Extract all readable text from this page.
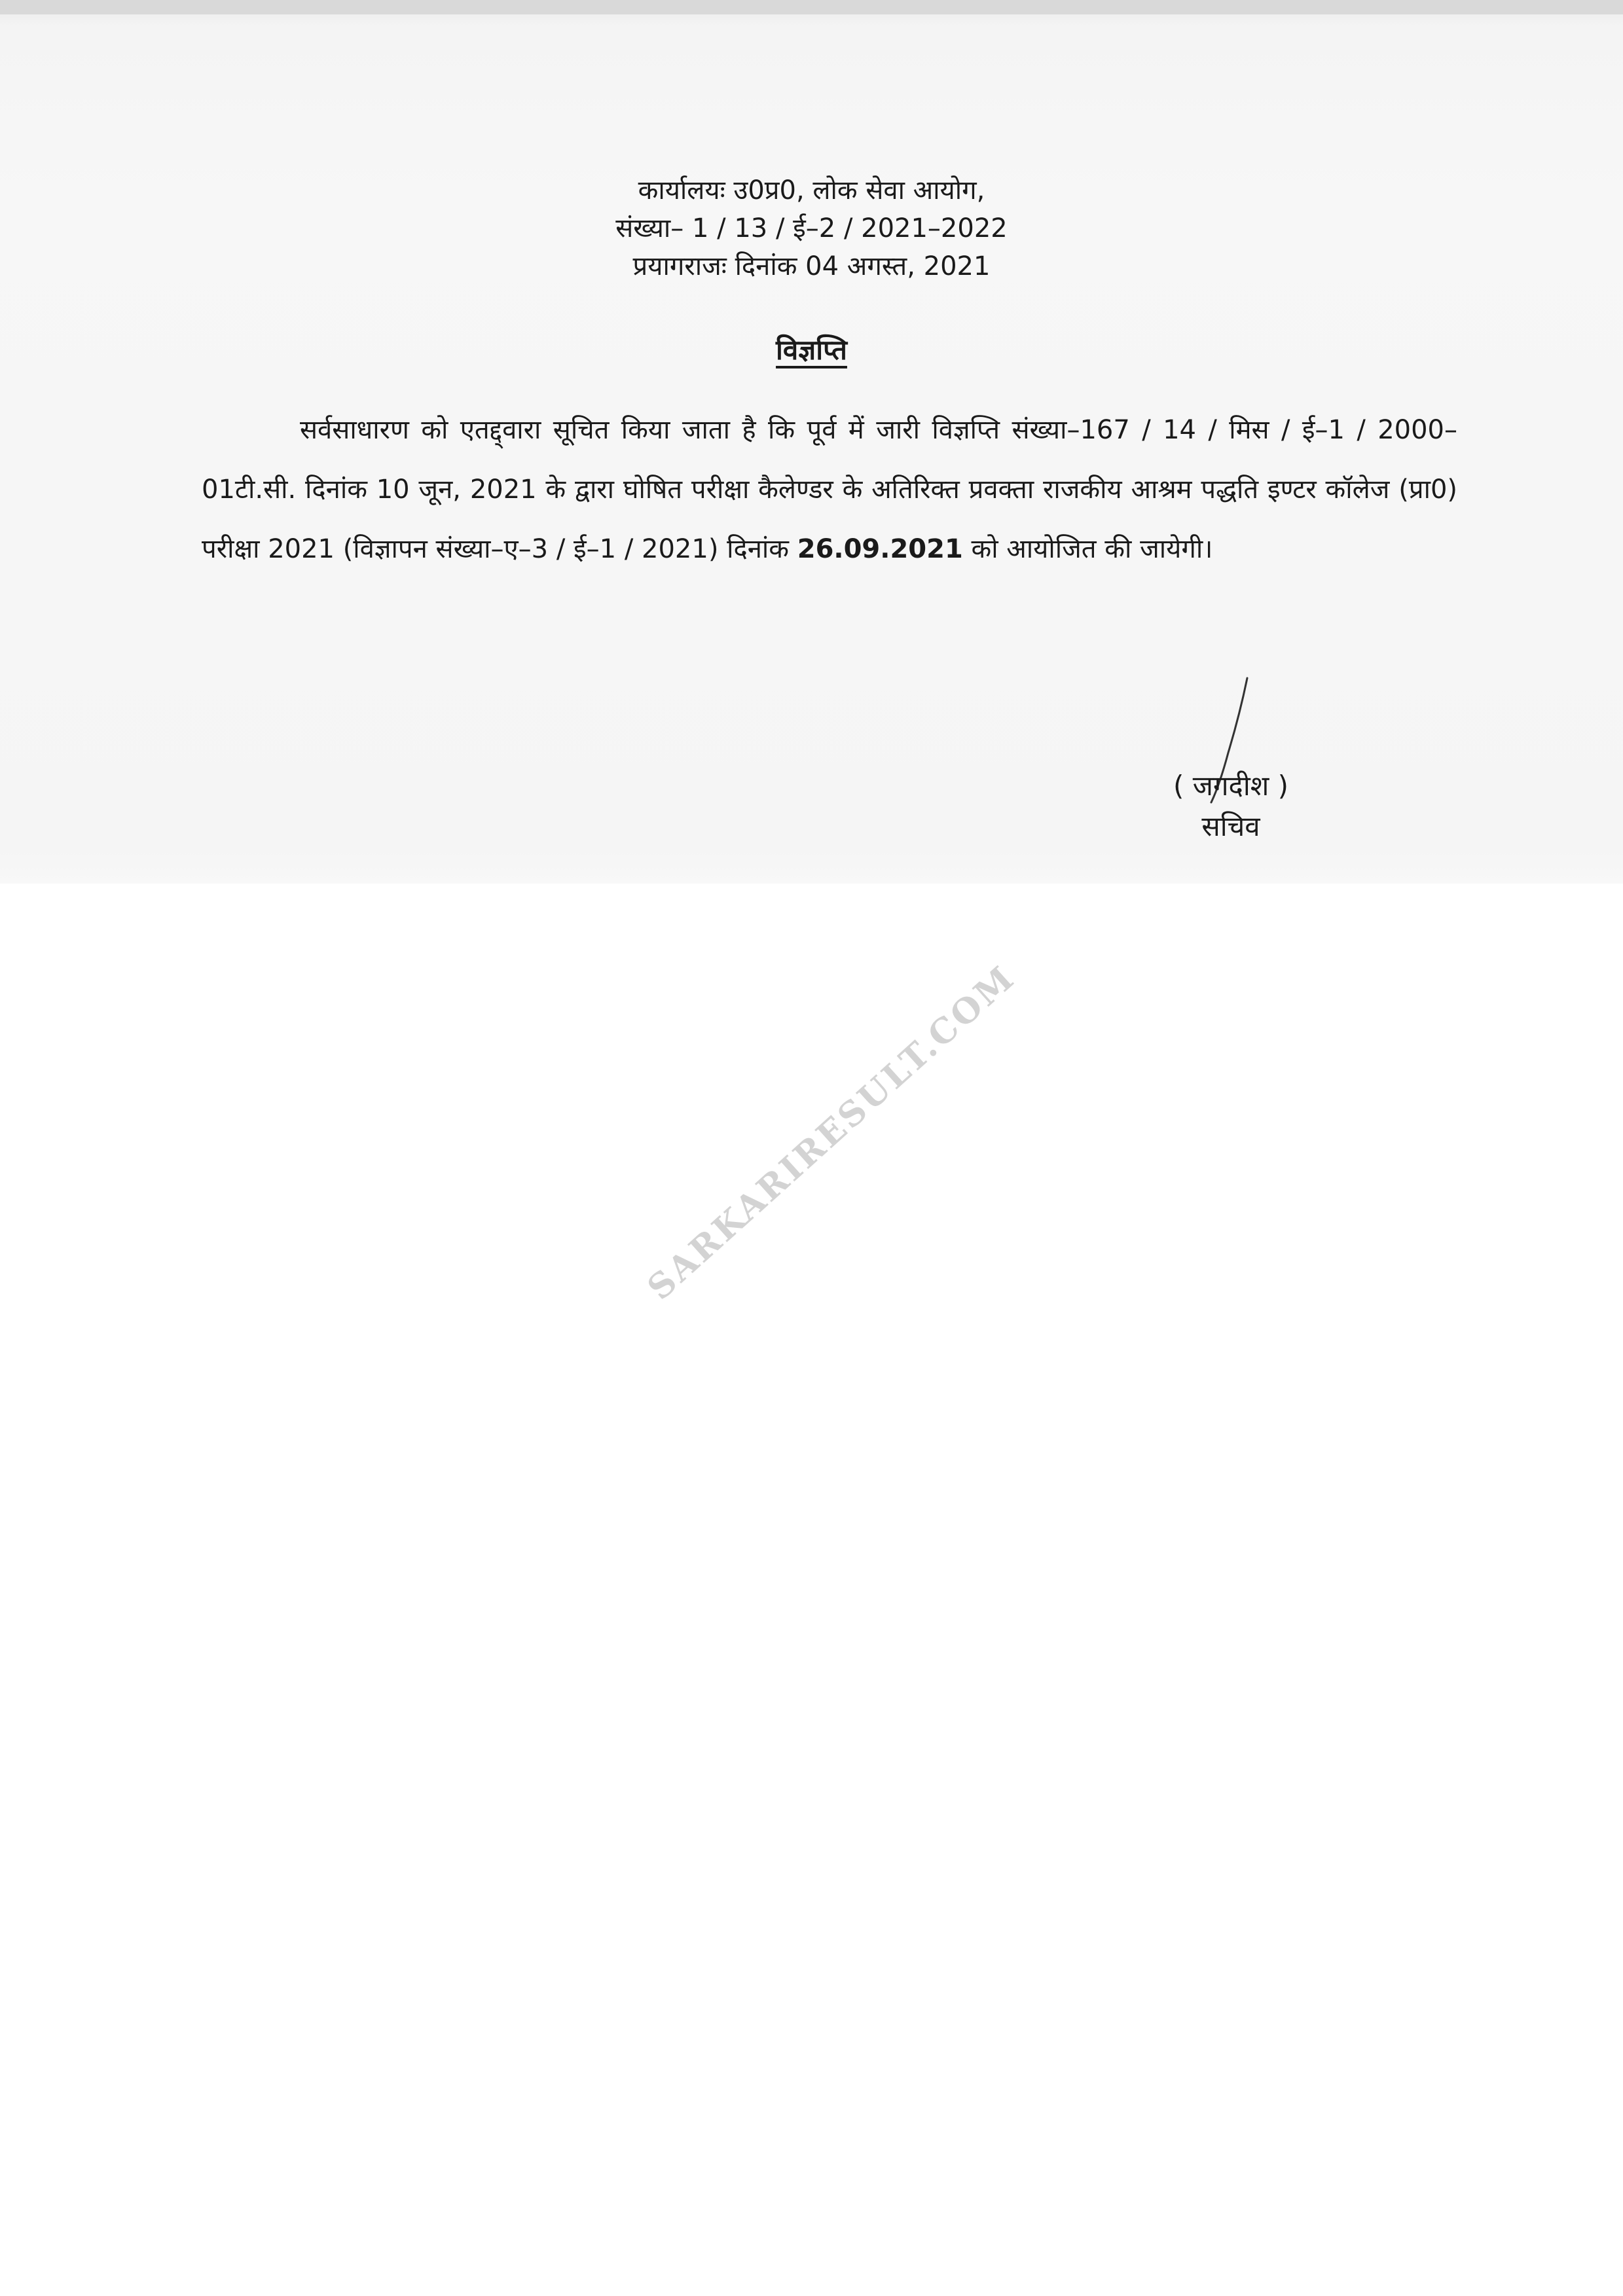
कार्यालयः उ0प्र0, लोक सेवा आयोग,
संख्या– 1 / 13 / ई–2 / 2021–2022
प्रयागराजः दिनांक 04 अगस्त, 2021
विज्ञप्ति
सर्वसाधारण को एतद्द्वारा सूचित किया जाता है कि पूर्व में जारी विज्ञप्ति संख्या–167 / 14 / मिस / ई–1 / 2000–01टी.सी. दिनांक 10 जून, 2021 के द्वारा घोषित परीक्षा कैलेण्डर के अतिरिक्त प्रवक्ता राजकीय आश्रम पद्धति इण्टर कॉलेज (प्रा0) परीक्षा 2021 (विज्ञापन संख्या–ए–3 / ई–1 / 2021) दिनांक 26.09.2021 को आयोजित की जायेगी।
( जगदीश )
सचिव
SARKARIRESULT.COM
